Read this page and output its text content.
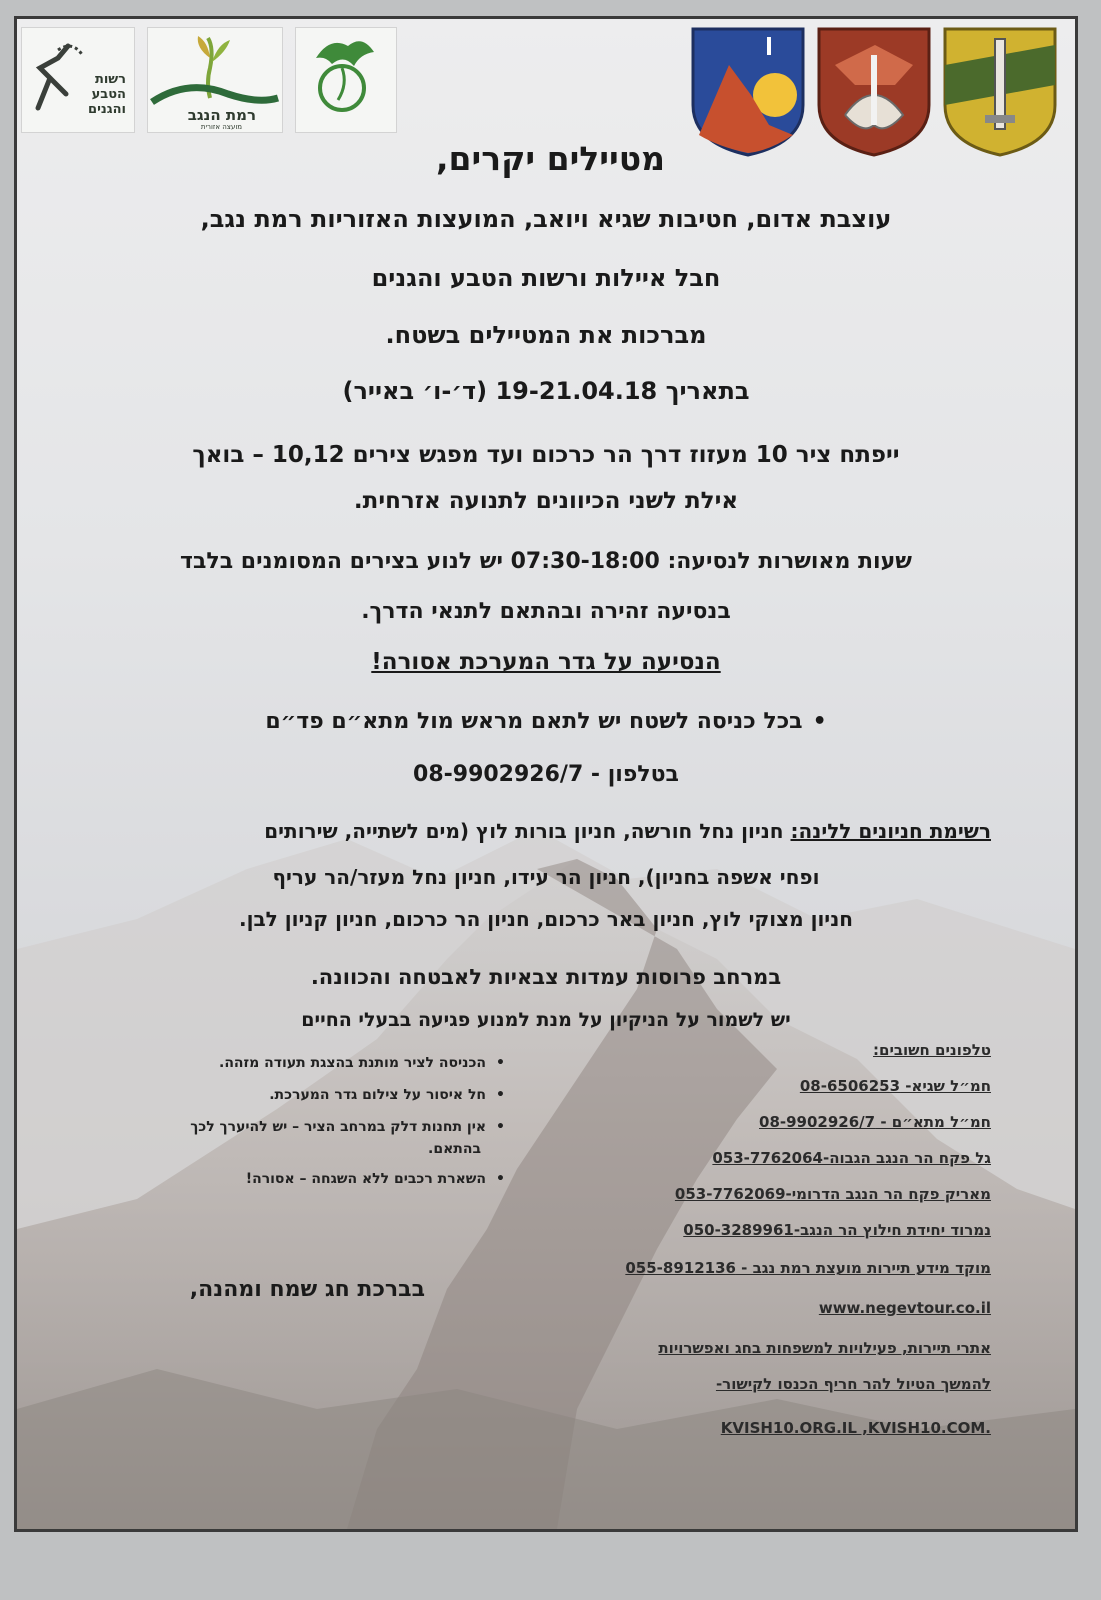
רשות הטבע והגנים	רמת הנגב
מועצה אזורית
מטיילים יקרים,
עוצבת אדום, חטיבות שגיא ויואב, המועצות האזוריות רמת נגב,
חבל איילות ורשות הטבע והגנים
מברכות את המטיילים בשטח.
בתאריך 19-21.04.18 (ד׳-ו׳ באייר)
ייפתח ציר 10 מעזוז דרך הר כרכום ועד מפגש צירים 10,12 – בואך
אילת לשני הכיוונים לתנועה אזרחית.
שעות מאושרות לנסיעה: 07:30-18:00 יש לנוע בצירים המסומנים בלבד
בנסיעה זהירה ובהתאם לתנאי הדרך.
הנסיעה על גדר המערכת אסורה!
• בכל כניסה לשטח יש לתאם מראש מול מתא״ם פד״ם
בטלפון - 08-9902926/7
רשימת חניונים ללינה: חניון נחל חורשה, חניון בורות לוץ (מים לשתייה, שירותים
ופחי אשפה בחניון), חניון הר עידו, חניון נחל מעזר/הר עריף
חניון מצוקי לוץ, חניון באר כרכום, חניון הר כרכום, חניון קניון לבן.
במרחב פרוסות עמדות צבאיות לאבטחה והכוונה.
יש לשמור על הניקיון על מנת למנוע פגיעה בבעלי החיים
• הכניסה לציר מותנת בהצגת תעודה מזהה.
• חל איסור על צילום גדר המערכת.
• אין תחנות דלק במרחב הציר – יש להיערך לכך
בהתאם.
• השארת רכבים ללא השגחה – אסורה!
בברכת חג שמח ומהנה,
טלפונים חשובים:
חמ״ל שגיא- 08-6506253
חמ״ל מתא״ם - 08-9902926/7
גל פקח הר הנגב הגבוה-053-7762064
מאריק פקח הר הנגב הדרומי-053-7762069
נמרוד יחידת חילוץ הר הנגב-050-3289961
מוקד מידע תיירות מועצת רמת נגב - 055-8912136
www.negevtour.co.il
אתרי תיירות, פעילויות למשפחות בחג ואפשרויות
להמשך הטיול להר חריף הכנסו לקישור-
KVISH10.ORG.IL ,KVISH10.COM.
